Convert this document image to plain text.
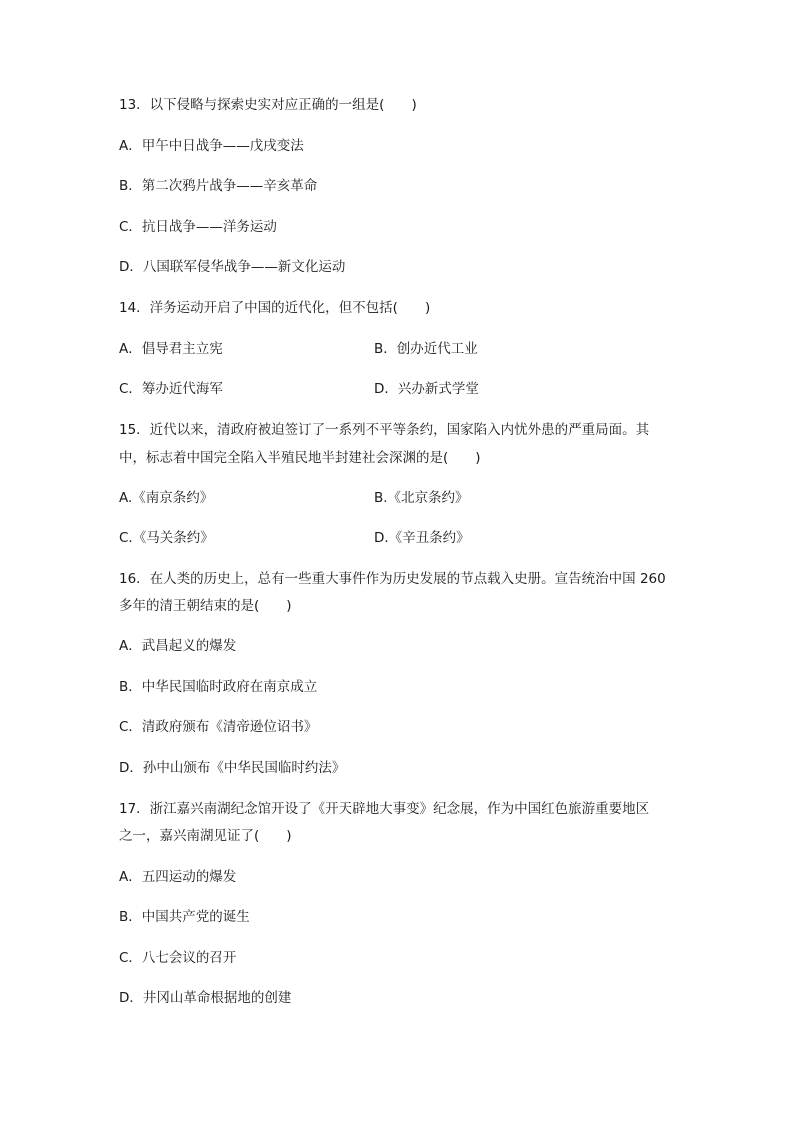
13．以下侵略与探索史实对应正确的一组是(　　)
A．甲午中日战争——戊戌变法
B．第二次鸦片战争——辛亥革命
C．抗日战争——洋务运动
D．八国联军侵华战争——新文化运动
14．洋务运动开启了中国的近代化，但不包括(　　)
A．倡导君主立宪	B．创办近代工业
C．筹办近代海军	D．兴办新式学堂
15．近代以来，清政府被迫签订了一系列不平等条约，国家陷入内忧外患的严重局面。其
中，标志着中国完全陷入半殖民地半封建社会深渊的是(　　)
A.《南京条约》	B.《北京条约》
C.《马关条约》	D.《辛丑条约》
16．在人类的历史上，总有一些重大事件作为历史发展的节点载入史册。宣告统治中国 260
多年的清王朝结束的是(　　)
A．武昌起义的爆发
B．中华民国临时政府在南京成立
C．清政府颁布《清帝逊位诏书》
D．孙中山颁布《中华民国临时约法》
17．浙江嘉兴南湖纪念馆开设了《开天辟地大事变》纪念展，作为中国红色旅游重要地区
之一，嘉兴南湖见证了(　　)
A．五四运动的爆发
B．中国共产党的诞生
C．八七会议的召开
D．井冈山革命根据地的创建
